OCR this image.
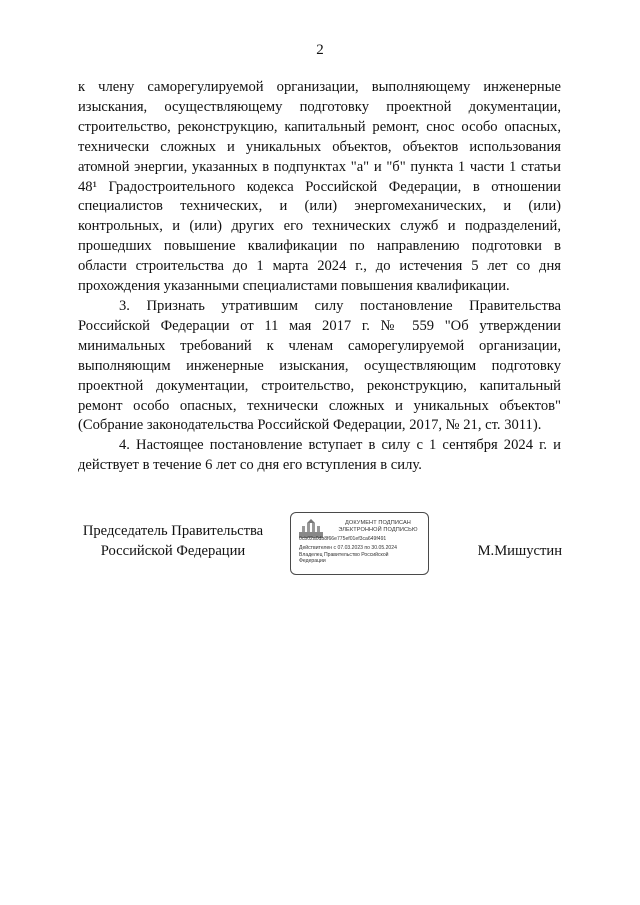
2

к члену саморегулируемой организации, выполняющему инженерные изыскания, осуществляющему подготовку проектной документации, строительство, реконструкцию, капитальный ремонт, снос особо опасных, технически сложных и уникальных объектов, объектов использования атомной энергии, указанных в подпунктах "а" и "б" пункта 1 части 1 статьи 48¹ Градостроительного кодекса Российской Федерации, в отношении специалистов технических, и (или) энергомеханических, и (или) контрольных, и (или) других его технических служб и подразделений, прошедших повышение квалификации по направлению подготовки в области строительства до 1 марта 2024 г., до истечения 5 лет со дня прохождения указанными специалистами повышения квалификации.

3. Признать утратившим силу постановление Правительства Российской Федерации от 11 мая 2017 г. № 559 "Об утверждении минимальных требований к членам саморегулируемой организации, выполняющим инженерные изыскания, осуществляющим подготовку проектной документации, строительство, реконструкцию, капитальный ремонт особо опасных, технически сложных и уникальных объектов" (Собрание законодательства Российской Федерации, 2017, № 21, ст. 3011).

4. Настоящее постановление вступает в силу с 1 сентября 2024 г. и действует в течение 6 лет со дня его вступления в силу.

Председатель Правительства
Российской Федерации
ДОКУМЕНТ ПОДПИСАН
ЭЛЕКТРОННОЙ ПОДПИСЬЮ
0cb02a0db8f66e775ef01ef3ca649f491
Действителен с 07.03.2023 по 30.05.2024
Владелец Правительство Российской
Федерации
М.Мишустин
